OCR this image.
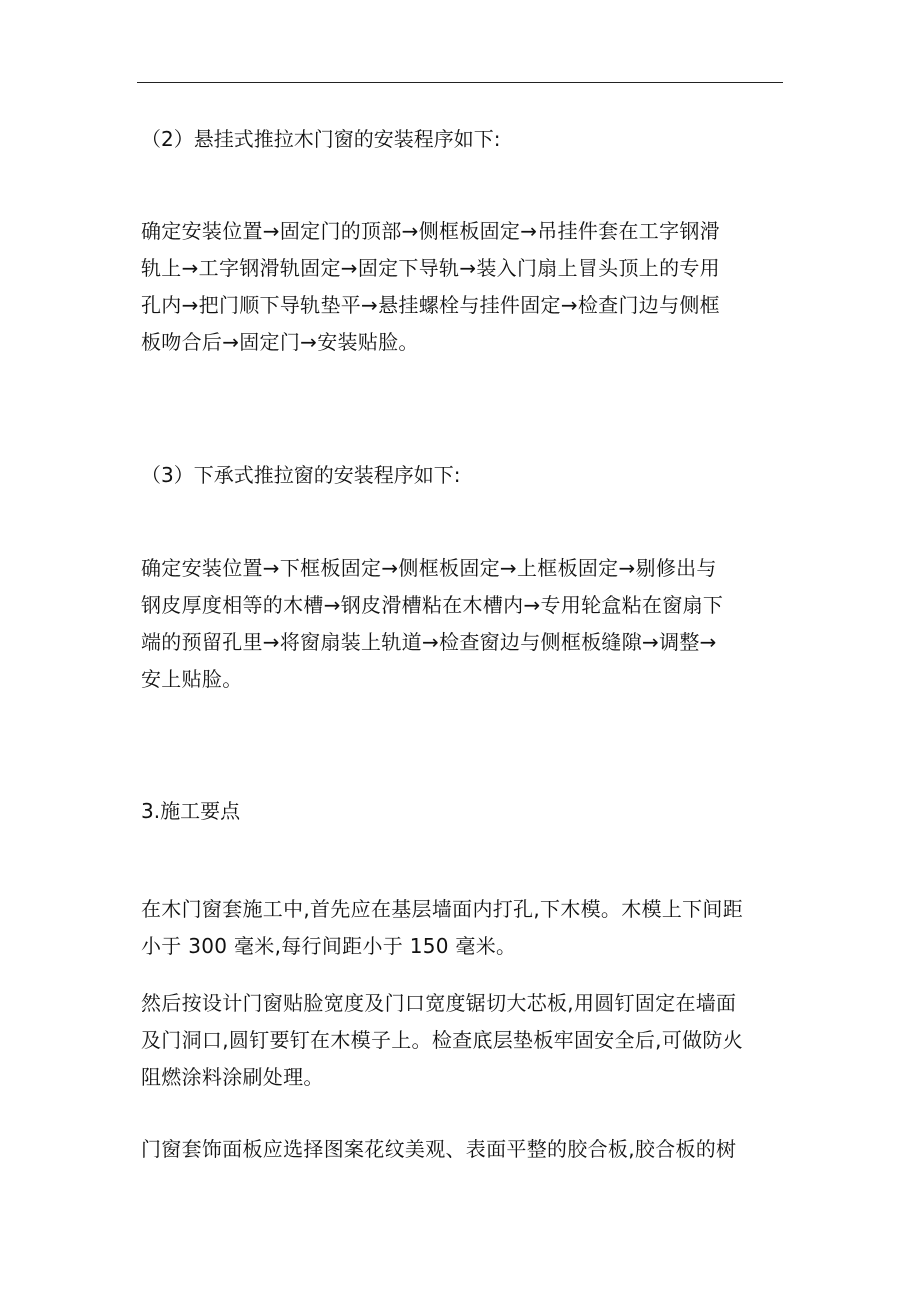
（2）悬挂式推拉木门窗的安装程序如下:
确定安装位置→固定门的顶部→侧框板固定→吊挂件套在工字钢滑
轨上→工字钢滑轨固定→固定下导轨→装入门扇上冒头顶上的专用
孔内→把门顺下导轨垫平→悬挂螺栓与挂件固定→检查门边与侧框
板吻合后→固定门→安装贴脸。
（3）下承式推拉窗的安装程序如下:
确定安装位置→下框板固定→侧框板固定→上框板固定→剔修出与
钢皮厚度相等的木槽→钢皮滑槽粘在木槽内→专用轮盒粘在窗扇下
端的预留孔里→将窗扇装上轨道→检查窗边与侧框板缝隙→调整→
安上贴脸。
3.施工要点
在木门窗套施工中,首先应在基层墙面内打孔,下木模。木模上下间距
小于 300 毫米,每行间距小于 150 毫米。
然后按设计门窗贴脸宽度及门口宽度锯切大芯板,用圆钉固定在墙面
及门洞口,圆钉要钉在木模子上。检查底层垫板牢固安全后,可做防火
阻燃涂料涂刷处理。
门窗套饰面板应选择图案花纹美观、表面平整的胶合板,胶合板的树
